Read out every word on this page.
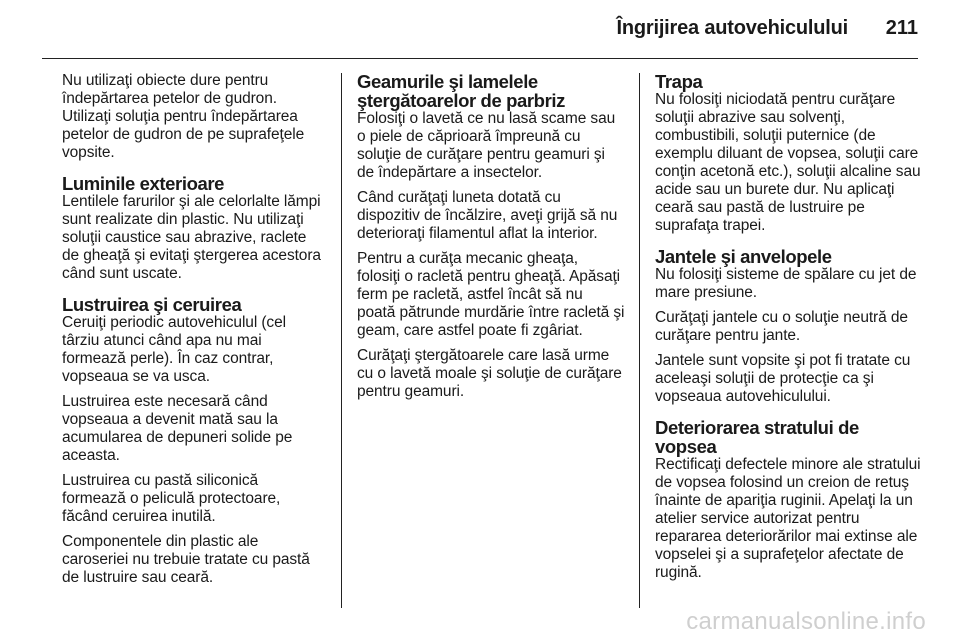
Îngrijirea autovehiculului 211

Nu utilizaţi obiecte dure pentru îndepărtarea petelor de gudron. Utilizaţi soluţia pentru îndepărtarea petelor de gudron de pe suprafeţele vopsite.

Luminile exterioare

Lentilele farurilor şi ale celorlalte lămpi sunt realizate din plastic. Nu utilizaţi soluţii caustice sau abrazive, raclete de gheaţă şi evitaţi ştergerea acestora când sunt uscate.

Lustruirea şi ceruirea

Ceruiţi periodic autovehiculul (cel târziu atunci când apa nu mai formează perle). În caz contrar, vopseaua se va usca.

Lustruirea este necesară când vopseaua a devenit mată sau la acumularea de depuneri solide pe aceasta.

Lustruirea cu pastă siliconică formează o peliculă protectoare, făcând ceruirea inutilă.

Componentele din plastic ale caroseriei nu trebuie tratate cu pastă de lustruire sau ceară.

Geamurile şi lamelele ştergătoarelor de parbriz

Folosiţi o lavetă ce nu lasă scame sau o piele de căprioară împreună cu soluţie de curăţare pentru geamuri şi de îndepărtare a insectelor.

Când curăţaţi luneta dotată cu dispozitiv de încălzire, aveţi grijă să nu deterioraţi filamentul aflat la interior.

Pentru a curăţa mecanic gheaţa, folosiţi o racletă pentru gheaţă. Apăsaţi ferm pe racletă, astfel încât să nu poată pătrunde murdărie între racletă şi geam, care astfel poate fi zgâriat.

Curăţaţi ştergătoarele care lasă urme cu o lavetă moale şi soluţie de curăţare pentru geamuri.

Trapa

Nu folosiţi niciodată pentru curăţare soluţii abrazive sau solvenţi, combustibili, soluţii puternice (de exemplu diluant de vopsea, soluţii care conţin acetonă etc.), soluţii alcaline sau acide sau un burete dur. Nu aplicaţi ceară sau pastă de lustruire pe suprafaţa trapei.

Jantele şi anvelopele

Nu folosiţi sisteme de spălare cu jet de mare presiune.

Curăţaţi jantele cu o soluţie neutră de curăţare pentru jante.

Jantele sunt vopsite şi pot fi tratate cu aceleaşi soluţii de protecţie ca şi vopseaua autovehiculului.

Deteriorarea stratului de vopsea

Rectificaţi defectele minore ale stratului de vopsea folosind un creion de retuş înainte de apariţia ruginii. Apelaţi la un atelier service autorizat pentru repararea deteriorărilor mai extinse ale vopselei şi a suprafeţelor afectate de rugină.

carmanualsonline.info
